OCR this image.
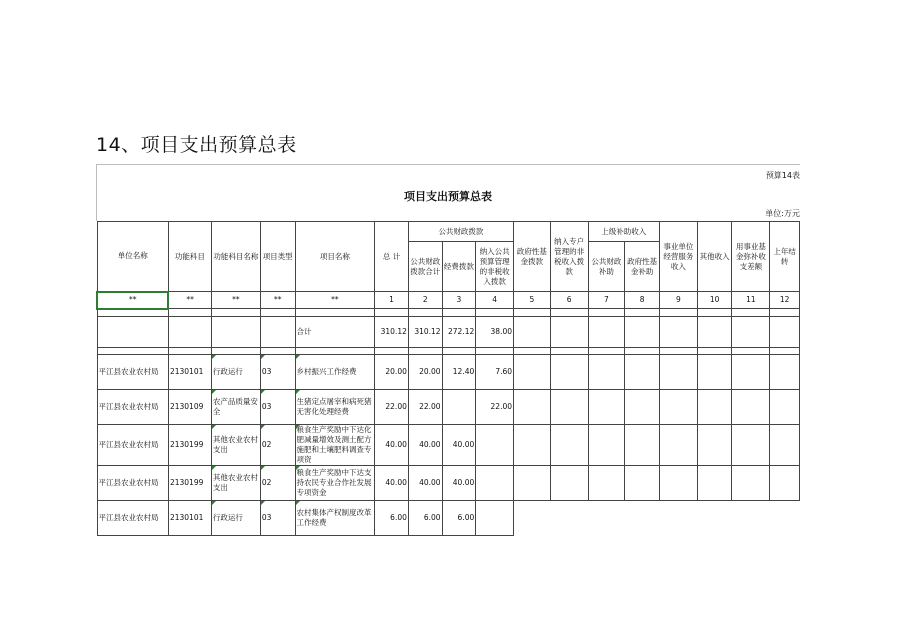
14、项目支出预算总表
预算14表
项目支出预算总表
单位:万元
单位名称	功能科目	功能科目名称	项目类型	项目名称	总 计	公共财政拨款			政府性基金拨款	纳入专户管理的非税收入拨款	上级补助收入		事业单位经营服务收入	其他收入	用事业基金弥补收支差额	上年结转
						公共财政拨款合计	经费拨款	纳入公共预算管理的非税收入拨款			公共财政补助	政府性基金补助				
**	**	**	**	**	1	2	3	4	5	6	7	8	9	10	11	12

				合计	310.12	310.12	272.12	38.00								

平江县农业农村局	2130101	行政运行	03	乡村振兴工作经费	20.00	20.00	12.40	7.60								
平江县农业农村局	2130109	农产品质量安全	03	生猪定点屠宰和病死猪无害化处理经费	22.00	22.00		22.00								
平江县农业农村局	2130199	其他农业农村支出	02	粮食生产奖励中下达化肥减量增效及测土配方施肥和土壤肥料调查专项资	40.00	40.00	40.00									
平江县农业农村局	2130199	其他农业农村支出	02	粮食生产奖励中下达支持农民专业合作社发展专项资金	40.00	40.00	40.00									
平江县农业农村局	2130101	行政运行	03	农村集体产权制度改革工作经费	6.00	6.00	6.00									
